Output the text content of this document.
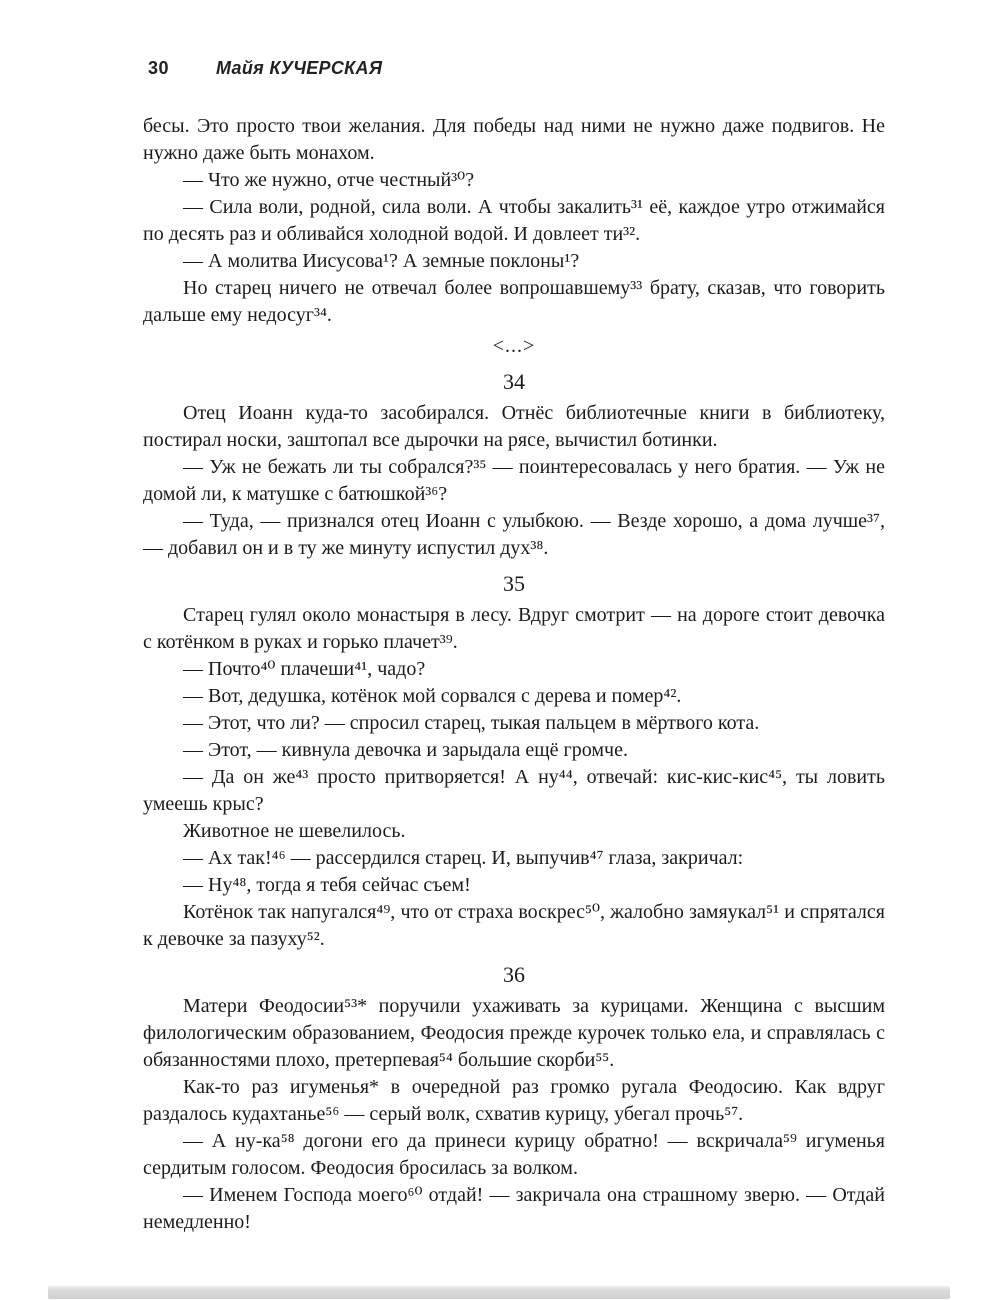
30	Майя КУЧЕРСКАЯ
бесы. Это просто твои желания. Для победы над ними не нужно даже подвигов. Не нужно даже быть монахом.
— Что же нужно, отче честный³⁰?
— Сила воли, родной, сила воли. А чтобы закалить³¹ её, каждое утро отжимайся по десять раз и обливайся холодной водой. И довлеет ти³².
— А молитва Иисусова¹? А земные поклоны¹?
Но старец ничего не отвечал более вопрошавшему³³ брату, сказав, что говорить дальше ему недосуг³⁴.
<...>
34
Отец Иоанн куда-то засобирался. Отнёс библиотечные книги в библиотеку, постирал носки, заштопал все дырочки на рясе, вычистил ботинки.
— Уж не бежать ли ты собрался?³⁵ — поинтересовалась у него братия. — Уж не домой ли, к матушке с батюшкой³⁶?
— Туда, — признался отец Иоанн с улыбкою. — Везде хорошо, а дома лучше³⁷, — добавил он и в ту же минуту испустил дух³⁸.
35
Старец гулял около монастыря в лесу. Вдруг смотрит — на дороге стоит девочка с котёнком в руках и горько плачет³⁹.
— Почто⁴⁰ плачеши⁴¹, чадо?
— Вот, дедушка, котёнок мой сорвался с дерева и помер⁴².
— Этот, что ли? — спросил старец, тыкая пальцем в мёртвого кота.
— Этот, — кивнула девочка и зарыдала ещё громче.
— Да он же⁴³ просто притворяется! А ну⁴⁴, отвечай: кис-кис-кис⁴⁵, ты ловить умеешь крыс?
Животное не шевелилось.
— Ах так!⁴⁶ — рассердился старец. И, выпучив⁴⁷ глаза, закричал:
— Ну⁴⁸, тогда я тебя сейчас съем!
Котёнок так напугался⁴⁹, что от страха воскрес⁵⁰, жалобно замяукал⁵¹ и спрятался к девочке за пазуху⁵².
36
Матери Феодосии⁵³* поручили ухаживать за курицами. Женщина с высшим филологическим образованием, Феодосия прежде курочек только ела, и справлялась с обязанностями плохо, претерпевая⁵⁴ большие скорби⁵⁵.
Как-то раз игуменья* в очередной раз громко ругала Феодосию. Как вдруг раздалось кудахтанье⁵⁶ — серый волк, схватив курицу, убегал прочь⁵⁷.
— А ну-ка⁵⁸ догони его да принеси курицу обратно! — вскричала⁵⁹ игуменья сердитым голосом. Феодосия бросилась за волком.
— Именем Господа моего⁶⁰ отдай! — закричала она страшному зверю. — Отдай немедленно!
